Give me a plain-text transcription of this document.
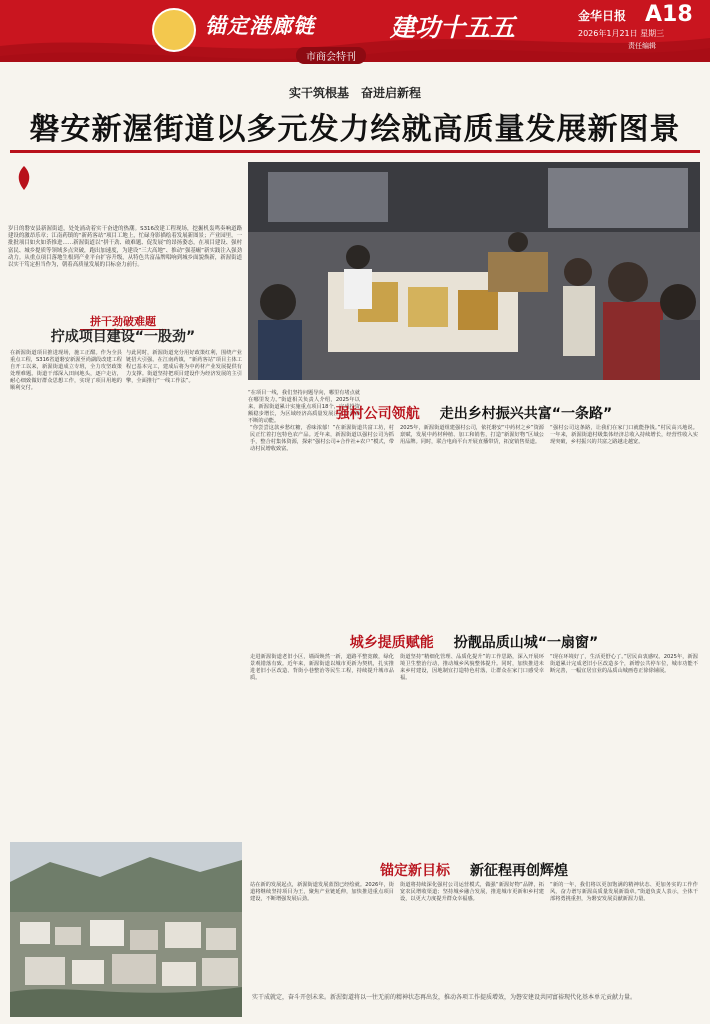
锚定港廊链	建功十五五
市商会特刊
金华日报 A18
2026年1月21日 星期三
责任编辑
实干筑根基　奋进启新程
磐安新渥街道以多元发力绘就高质量发展新图景
岁日的磐安县新渥街道，处处涌动着实干奋进的热潮。S316改建工程现场，挖掘机轰鸣奏响道路建设的激昂乐章；江南药镇的“新药客站”项目工地上，忙碌身影描绘着发展新图景；产业园里，一批批项目如火如荼推进……新渥街道以“拼干劲、破难题、促发展”的昂扬姿态，在项目建设、强村富民、城乡提质等领域多点突破，跑出加速度，为建设“三大高地”、推动“强基崛”新实践注入强劲动力。从重点项目落地生根到产业平台扩容升级，从特色共富品牌唱响到城乡面貌焕新，新渥街道以实干笃定担当作为，朝着高质量发展的目标奋力前行。
拼干劲破难题
拧成项目建设“一股劲”
在新渥街道项目推进现场，施工正酣。作为全县重点工程，S316省道磐安新渥至尚湖段改建工程自开工以来，新渥街道成立专班，全力攻坚政策处理难题。街道干部深入田间地头，逐户走访，耐心细致做好群众思想工作，实现了项目用地的顺利交付。
与此同时，新渥街道充分用好政策红利，围绕产业链招大引强。在江南药镇，“新药客站”项目主体工程已基本完工，建成后将为中药材产业发展提供有力支撑。街道坚持把项目建设作为经济发展的主引擎，全面推行“一线工作法”。
“在项目一线，我们坚持问题导向，哪里有堵点就在哪里发力。”街道相关负责人介绍，2025年以来，新渥街道累计实施重点项目18个，完成投资额稳步增长，为区域经济高质量发展注入了源源不断的动能。	强村公司领航 走出乡村振兴共富“一条路”
“你尝尝这款乡愁红糖，香味浓郁！”在新渥街道共富工坊，村民正忙着打包特色农产品。近年来，新渥街道以强村公司为抓手，整合村集体资源，探索“强村公司+合作社+农户”模式，带动村民增收致富。
2025年，新渥街道组建强村公司，依托磐安“中药材之乡”资源禀赋，发展中药材种植、加工和销售，打造“新渥好物”区域公用品牌。同时，联合电商平台开展直播带货，拓宽销售渠道。
“强村公司这条路，让我们在家门口就能挣钱。”村民高兴地说。一年来，新渥街道村级集体经济总收入持续增长，经营性收入实现突破，乡村振兴的共富之路越走越宽。
城乡提质赋能 扮靓品质山城“一扇窗”
走进新渥街道老旧小区，墙面焕然一新，道路平整宽敞，绿化景观错落有致。近年来，新渥街道以城市更新为契机，扎实推进老旧小区改造、背街小巷整治等民生工程，持续提升城市品质。
街道坚持“精细化管理、品质化提升”的工作思路，深入开展环境卫生整治行动，推动城乡风貌整体提升。同时，加快推进未来乡村建设，因地制宜打造特色村落，让群众在家门口感受幸福。
“现在环境好了，生活更舒心了。”居民由衷感叹。2025年，新渥街道累计完成老旧小区改造多个，新增公共停车位，城市功能不断完善，一幅宜居宜业的品质山城画卷正徐徐铺展。
锚定新目标 新征程再创辉煌
站在新的发展起点，新渥街道发展蓝图已经绘就。2026年，街道将继续坚持项目为王，聚焦产业链延伸，加快推进重点项目建设，不断增强发展后劲。
街道将持续深化强村公司运营模式，做强“新渥好物”品牌，拓宽农民增收渠道；坚持城乡融合发展，推进城市更新和乡村建设，以更大力度提升群众幸福感。
“新的一年，我们将以更加饱满的精神状态、更加务实的工作作风，奋力谱写新渥高质量发展新篇章。”街道负责人表示，全体干部将勇挑重担，为磐安发展贡献新渥力量。
实干成就定，奋斗开创未来。新渥街道将以一往无前的精神状态再出发，推动各项工作提质增效，为磐安建设共同富裕现代化基本单元贡献力量。
